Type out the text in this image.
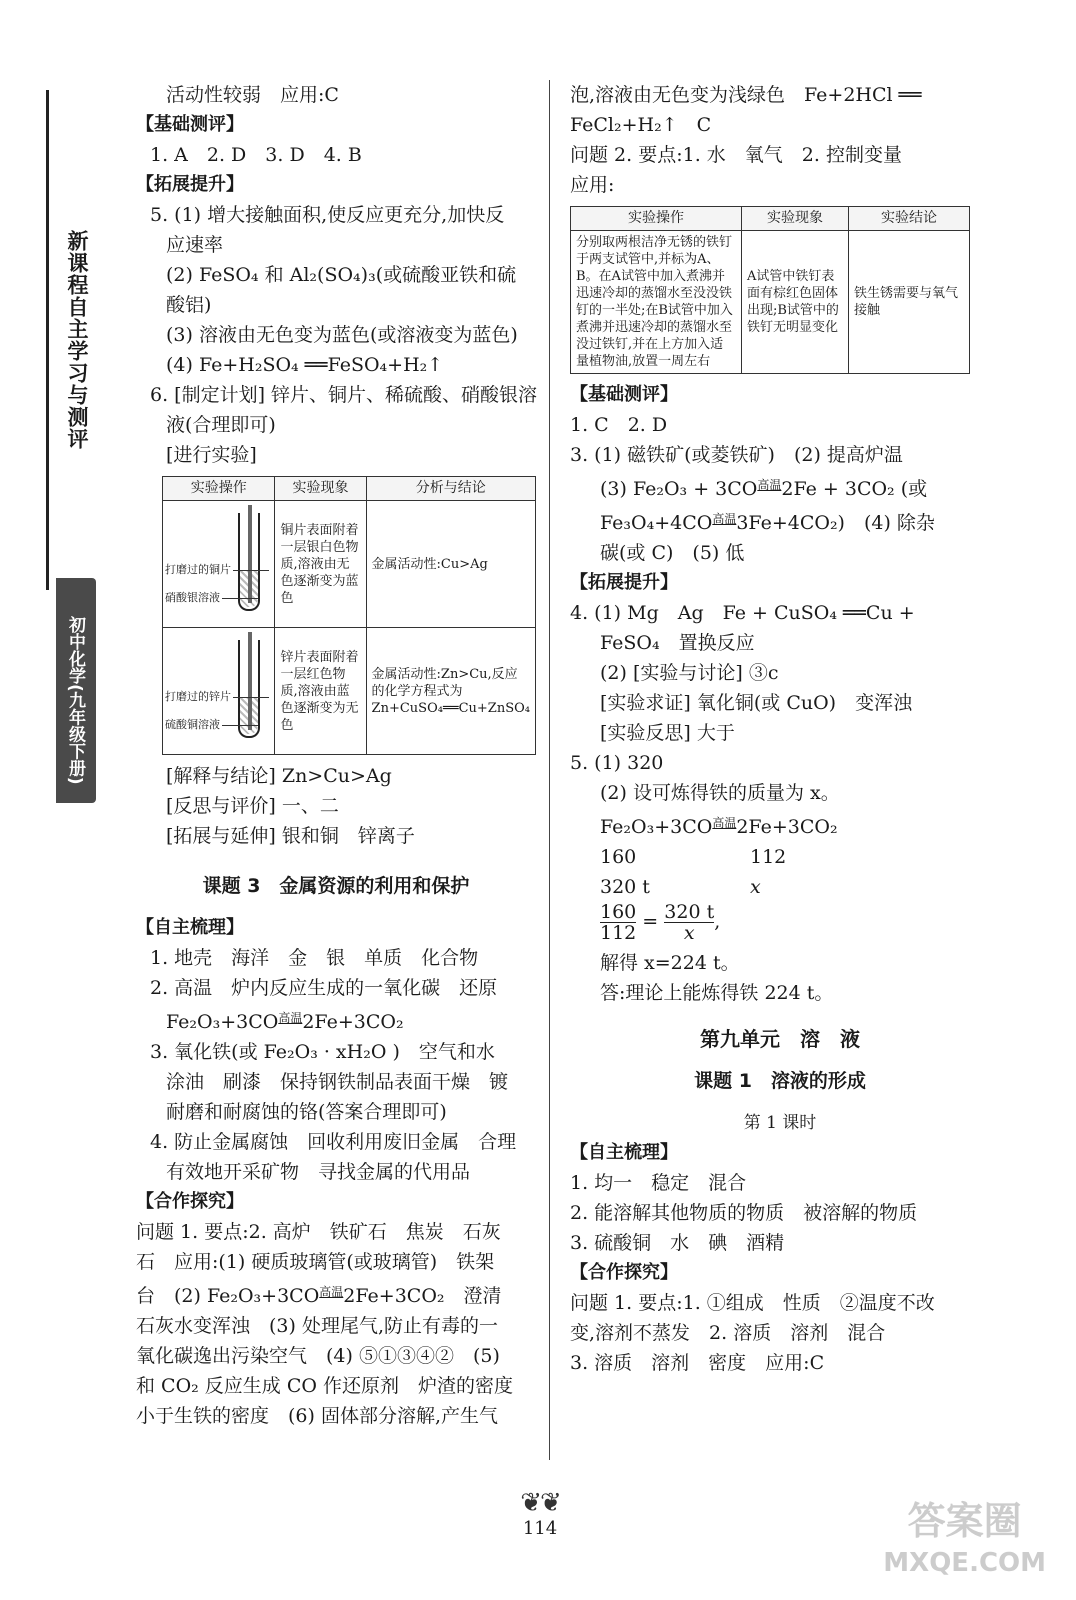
新课程自主学习与测评
初中化学(九年级下册)
活动性较弱　应用:C
【基础测评】
1. A　2. D　3. D　4. B
【拓展提升】
5. (1) 增大接触面积,使反应更充分,加快反
应速率
(2) FeSO₄ 和 Al₂(SO₄)₃(或硫酸亚铁和硫
酸铝)
(3) 溶液由无色变为蓝色(或溶液变为蓝色)
(4) Fe+H₂SO₄ ══FeSO₄+H₂↑
6. [制定计划] 锌片、铜片、稀硫酸、硝酸银溶
液(合理即可)
[进行实验]
实验操作	实验现象	分析与结论

打磨过的铜片
硝酸银溶液	铜片表面附着一层银白色物质,溶液由无色逐渐变为蓝色	金属活动性:Cu>Ag

打磨过的锌片
硫酸铜溶液	锌片表面附着一层红色物质,溶液由蓝色逐渐变为无色	金属活动性:Zn>Cu,反应的化学方程式为Zn+CuSO₄══Cu+ZnSO₄
[解释与结论] Zn>Cu>Ag
[反思与评价] 一、二
[拓展与延伸] 银和铜　锌离子
课题 3　金属资源的利用和保护
【自主梳理】
1. 地壳　海洋　金　银　单质　化合物
2. 高温　炉内反应生成的一氧化碳　还原
$Fe_2O_3+3CO^{高温}2Fe+3CO_2$
3. 氧化铁(或 Fe₂O₃ · xH₂O )　空气和水
涂油　刷漆　保持钢铁制品表面干燥　镀
耐磨和耐腐蚀的铬(答案合理即可)
4. 防止金属腐蚀　回收利用废旧金属　合理
有效地开采矿物　寻找金属的代用品
【合作探究】
问题 1. 要点:2. 高炉　铁矿石　焦炭　石灰
石　应用:(1) 硬质玻璃管(或玻璃管)　铁架
台　(2) $Fe_2O_3+3CO^{高温}2Fe+3CO_2$　澄清
石灰水变浑浊　(3) 处理尾气,防止有毒的一
氧化碳逸出污染空气　(4) ⑤①③④②　(5)
和 CO₂ 反应生成 CO 作还原剂　炉渣的密度
小于生铁的密度　(6) 固体部分溶解,产生气
泡,溶液由无色变为浅绿色　Fe+2HCl ══
FeCl₂+H₂↑　C
问题 2. 要点:1. 水　氧气　2. 控制变量
应用:
实验操作	实验现象	实验结论
分别取两根洁净无锈的铁钉于两支试管中,并标为A、B。在A试管中加入煮沸并迅速冷却的蒸馏水至没没铁钉的一半处;在B试管中加入煮沸并迅速冷却的蒸馏水至没过铁钉,并在上方加入适量植物油,放置一周左右	A试管中铁钉表面有棕红色固体出现;B试管中的铁钉无明显变化	铁生锈需要与氧气接触
【基础测评】
1. C　2. D
3. (1) 磁铁矿(或菱铁矿)　(2) 提高炉温
(3) $Fe_2O_3 + 3CO^{高温}2Fe + 3CO_2$ (或
$Fe_3O_4+4CO^{高温}3Fe+4CO_2$)　(4) 除杂
碳(或 C)　(5) 低
【拓展提升】
4. (1) Mg　Ag　Fe + CuSO₄ ══Cu +
FeSO₄　置换反应
(2) [实验与讨论] ③c
[实验求证] 氧化铜(或 CuO)　变浑浊
[实验反思] 大于
5. (1) 320
(2) 设可炼得铁的质量为 x。
$Fe_2O_3+3CO^{高温}2Fe+3CO_2$
160	112
320 t	x
$\frac{160}{112} = \frac{320 t}{x}$ ,
解得 x=224 t。
答:理论上能炼得铁 224 t。
第九单元　溶　液
课题 1　溶液的形成
第 1 课时
【自主梳理】
1. 均一　稳定　混合
2. 能溶解其他物质的物质　被溶解的物质
3. 硫酸铜　水　碘　酒精
【合作探究】
问题 1. 要点:1. ①组成　性质　②温度不改
变,溶剂不蒸发　2. 溶质　溶剂　混合
3. 溶质　溶剂　密度　应用:C
❦❦
114	答案圈
MXQE.COM
